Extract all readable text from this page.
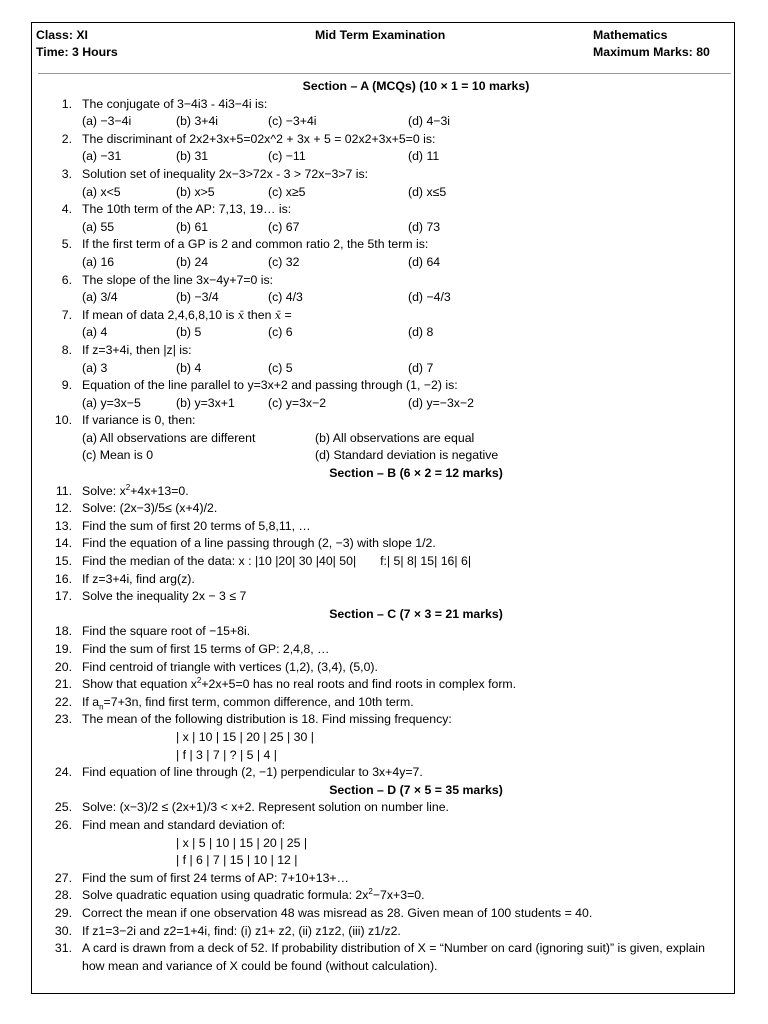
Class: XI
Time: 3 Hours
Mid Term Examination	Mathematics
Maximum Marks: 80
Section – A (MCQs) (10 × 1 = 10 marks)
1. The conjugate of 3−4i3 - 4i3−4i is:
(a) −3−4i	(b) 3+4i	(c) −3+4i	(d) 4−3i
2. The discriminant of 2x2+3x+5=02x^2 + 3x + 5 = 02x2+3x+5=0 is:
(a) −31	(b) 31	(c) −11	(d) 11
3. Solution set of inequality 2x−3>72x - 3 > 72x−3>7 is:
(a) x<5	(b) x>5	(c) x≥5	(d) x≤5
4. The 10th term of the AP: 7,13, 19… is:
(a) 55	(b) 61	(c) 67	(d) 73
5. If the first term of a GP is 2 and common ratio 2, the 5th term is:
(a) 16	(b) 24	(c) 32	(d) 64
6. The slope of the line 3x−4y+7=0 is:
(a) 3/4	(b) −3/4	(c) 4/3	(d) −4/3
7. If mean of data 2,4,6,8,10 is x̄ then x̄ =
(a) 4	(b) 5	(c) 6	(d) 8
8. If z=3+4i, then |z| is:
(a) 3	(b) 4	(c) 5	(d) 7
9. Equation of the line parallel to y=3x+2 and passing through (1, −2) is:
(a) y=3x−5	(b) y=3x+1	(c) y=3x−2	(d) y=−3x−2
10. If variance is 0, then:
(a) All observations are different	(b) All observations are equal
(c) Mean is 0	(d) Standard deviation is negative
Section – B (6 × 2 = 12 marks)
11. Solve: $x^2+4x+13=0$.
12. Solve: (2x−3)/5≤ (x+4)/2.
13. Find the sum of first 20 terms of 5,8,11, …
14. Find the equation of a line passing through (2, −3) with slope 1/2.
15. Find the median of the data: x : |10 |20| 30 |40| 50|       f:| 5| 8| 15| 16| 6|
16. If z=3+4i, find arg(z).
17. Solve the inequality 2x − 3 ≤ 7
Section – C (7 × 3 = 21 marks)
18. Find the square root of −15+8i.
19. Find the sum of first 15 terms of GP: 2,4,8, …
20. Find centroid of triangle with vertices (1,2), (3,4), (5,0).
21. Show that equation $x^2+2x+5=0$ has no real roots and find roots in complex form.
22. If $a_n=7+3n$, find first term, common difference, and 10th term.
23. The mean of the following distribution is 18. Find missing frequency:
| x | 10 | 15 | 20 | 25 | 30 |
| f | 3 | 7 | ? | 5 | 4 |
24. Find equation of line through (2, −1) perpendicular to 3x+4y=7.
Section – D (7 × 5 = 35 marks)
25. Solve: (x−3)/2 ≤ (2x+1)/3 < x+2. Represent solution on number line.
26. Find mean and standard deviation of:
| x | 5 | 10 | 15 | 20 | 25 |
| f | 6 | 7 | 15 | 10 | 12 |
27. Find the sum of first 24 terms of AP: 7+10+13+…
28. Solve quadratic equation using quadratic formula: $2x^2-7x+3=0$.
29. Correct the mean if one observation 48 was misread as 28. Given mean of 100 students = 40.
30. If z1=3−2i and z2=1+4i, find: (i) z1+ z2, (ii) z1z2, (iii) z1/z2.
31. A card is drawn from a deck of 52. If probability distribution of X = “Number on card (ignoring suit)” is given, explain how mean and variance of X could be found (without calculation).
